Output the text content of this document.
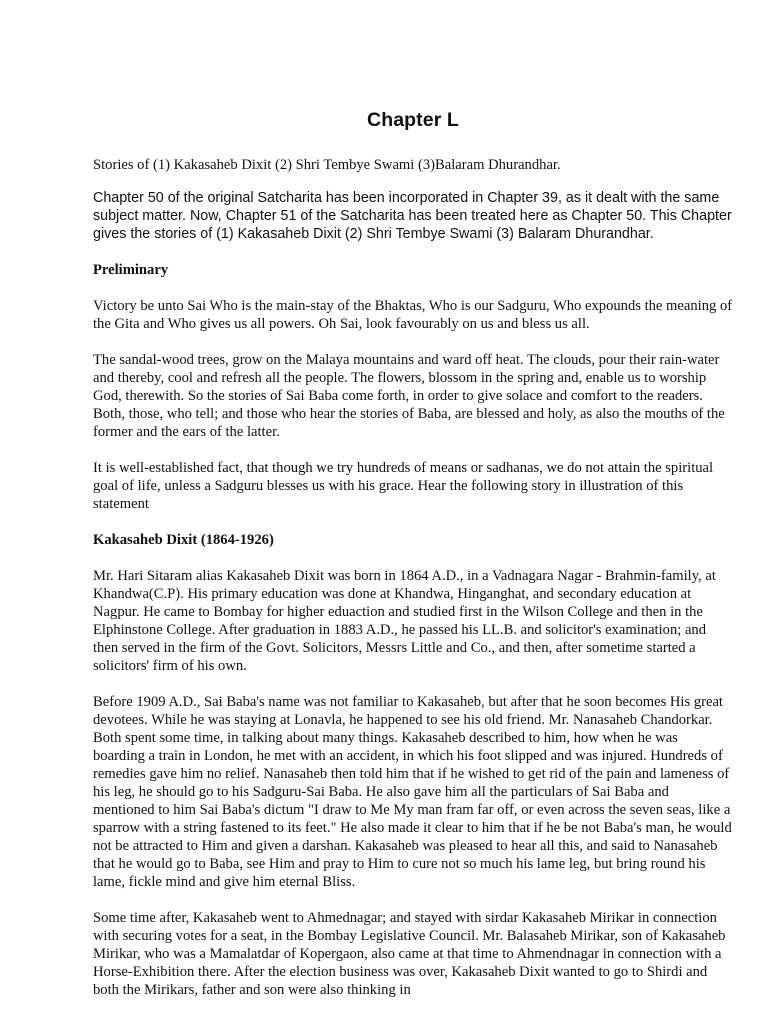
Chapter L

Stories of (1) Kakasaheb Dixit (2) Shri Tembye Swami (3)Balaram Dhurandhar.

Chapter 50 of the original Satcharita has been incorporated in Chapter 39, as it dealt with the same subject matter. Now, Chapter 51 of the Satcharita has been treated here as Chapter 50. This Chapter gives the stories of (1) Kakasaheb Dixit (2) Shri Tembye Swami (3) Balaram Dhurandhar.

Preliminary

Victory be unto Sai Who is the main-stay of the Bhaktas, Who is our Sadguru, Who expounds the meaning of the Gita and Who gives us all powers. Oh Sai, look favourably on us and bless us all.

The sandal-wood trees, grow on the Malaya mountains and ward off heat. The clouds, pour their rain-water and thereby, cool and refresh all the people. The flowers, blossom in the spring and, enable us to worship God, therewith. So the stories of Sai Baba come forth, in order to give solace and comfort to the readers. Both, those, who tell; and those who hear the stories of Baba, are blessed and holy, as also the mouths of the former and the ears of the latter.

It is well-established fact, that though we try hundreds of means or sadhanas, we do not attain the spiritual goal of life, unless a Sadguru blesses us with his grace. Hear the following story in illustration of this statement

Kakasaheb Dixit (1864-1926)

Mr. Hari Sitaram alias Kakasaheb Dixit was born in 1864 A.D., in a Vadnagara Nagar - Brahmin-family, at Khandwa(C.P). His primary education was done at Khandwa, Hinganghat, and secondary education at Nagpur. He came to Bombay for higher eduaction and studied first in the Wilson College and then in the Elphinstone College. After graduation in 1883 A.D., he passed his LL.B. and solicitor's examination; and then served in the firm of the Govt. Solicitors, Messrs Little and Co., and then, after sometime started a solicitors' firm of his own.

Before 1909 A.D., Sai Baba's name was not familiar to Kakasaheb, but after that he soon becomes His great devotees. While he was staying at Lonavla, he happened to see his old friend. Mr. Nanasaheb Chandorkar. Both spent some time, in talking about many things. Kakasaheb described to him, how when he was boarding a train in London, he met with an accident, in which his foot slipped and was injured. Hundreds of remedies gave him no relief. Nanasaheb then told him that if he wished to get rid of the pain and lameness of his leg, he should go to his Sadguru-Sai Baba. He also gave him all the particulars of Sai Baba and mentioned to him Sai Baba's dictum "I draw to Me My man fram far off, or even across the seven seas, like a sparrow with a string fastened to its feet." He also made it clear to him that if he be not Baba's man, he would not be attracted to Him and given a darshan. Kakasaheb was pleased to hear all this, and said to Nanasaheb that he would go to Baba, see Him and pray to Him to cure not so much his lame leg, but bring round his lame, fickle mind and give him eternal Bliss.

Some time after, Kakasaheb went to Ahmednagar; and stayed with sirdar Kakasaheb Mirikar in connection with securing votes for a seat, in the Bombay Legislative Council. Mr. Balasaheb Mirikar, son of Kakasaheb Mirikar, who was a Mamalatdar of Kopergaon, also came at that time to Ahmendnagar in connection with a Horse-Exhibition there. After the election business was over, Kakasaheb Dixit wanted to go to Shirdi and both the Mirikars, father and son were also thinking in
